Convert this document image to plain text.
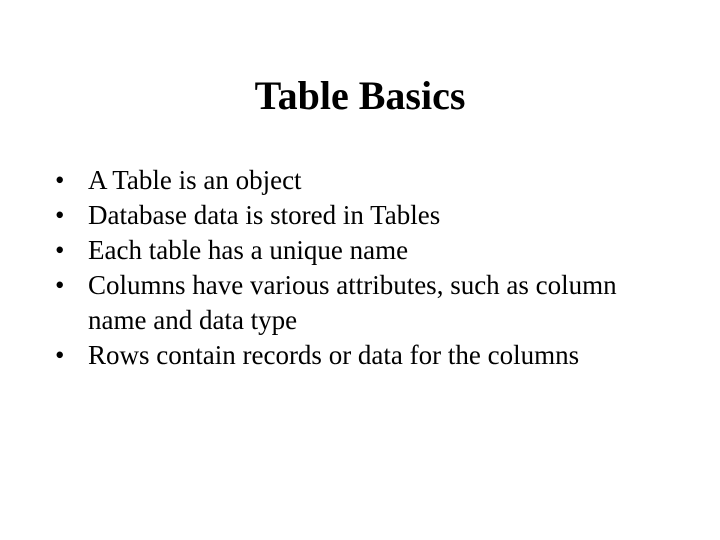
Table Basics
• A Table is an object
• Database data is stored in Tables
• Each table has a unique name
• Columns have various attributes, such as column name and data type
• Rows contain records or data for the columns
